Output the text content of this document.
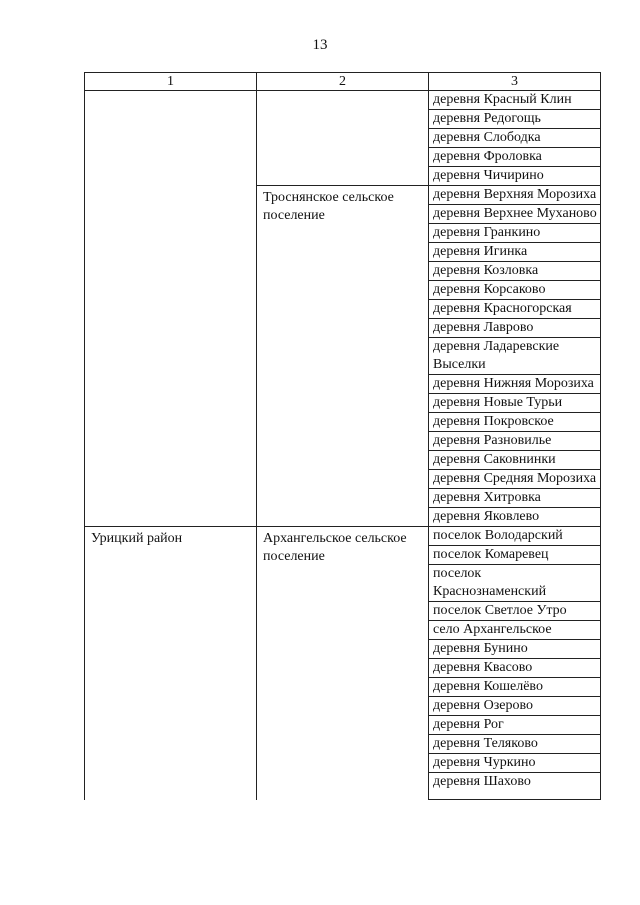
13
1	2	3
		деревня Красный Клин
		деревня Редогощь
		деревня Слободка
		деревня Фроловка
		деревня Чичирино
	Троснянское сельское поселение	деревня Верхняя Морозиха
		деревня Верхнее Муханово
		деревня Гранкино
		деревня Игинка
		деревня Козловка
		деревня Корсаково
		деревня Красногорская
		деревня Лаврово
		деревня Ладаревские Выселки
		деревня Нижняя Морозиха
		деревня Новые Турьи
		деревня Покровское
		деревня Разновилье
		деревня Саковнинки
		деревня Средняя Морозиха
		деревня Хитровка
		деревня Яковлево
Урицкий район	Архангельское сельское поселение	поселок Володарский
		поселок Комаревец
		поселок Краснознаменский
		поселок Светлое Утро
		село Архангельское
		деревня Бунино
		деревня Квасово
		деревня Кошелёво
		деревня Озерово
		деревня Рог
		деревня Теляково
		деревня Чуркино
		деревня Шахово
